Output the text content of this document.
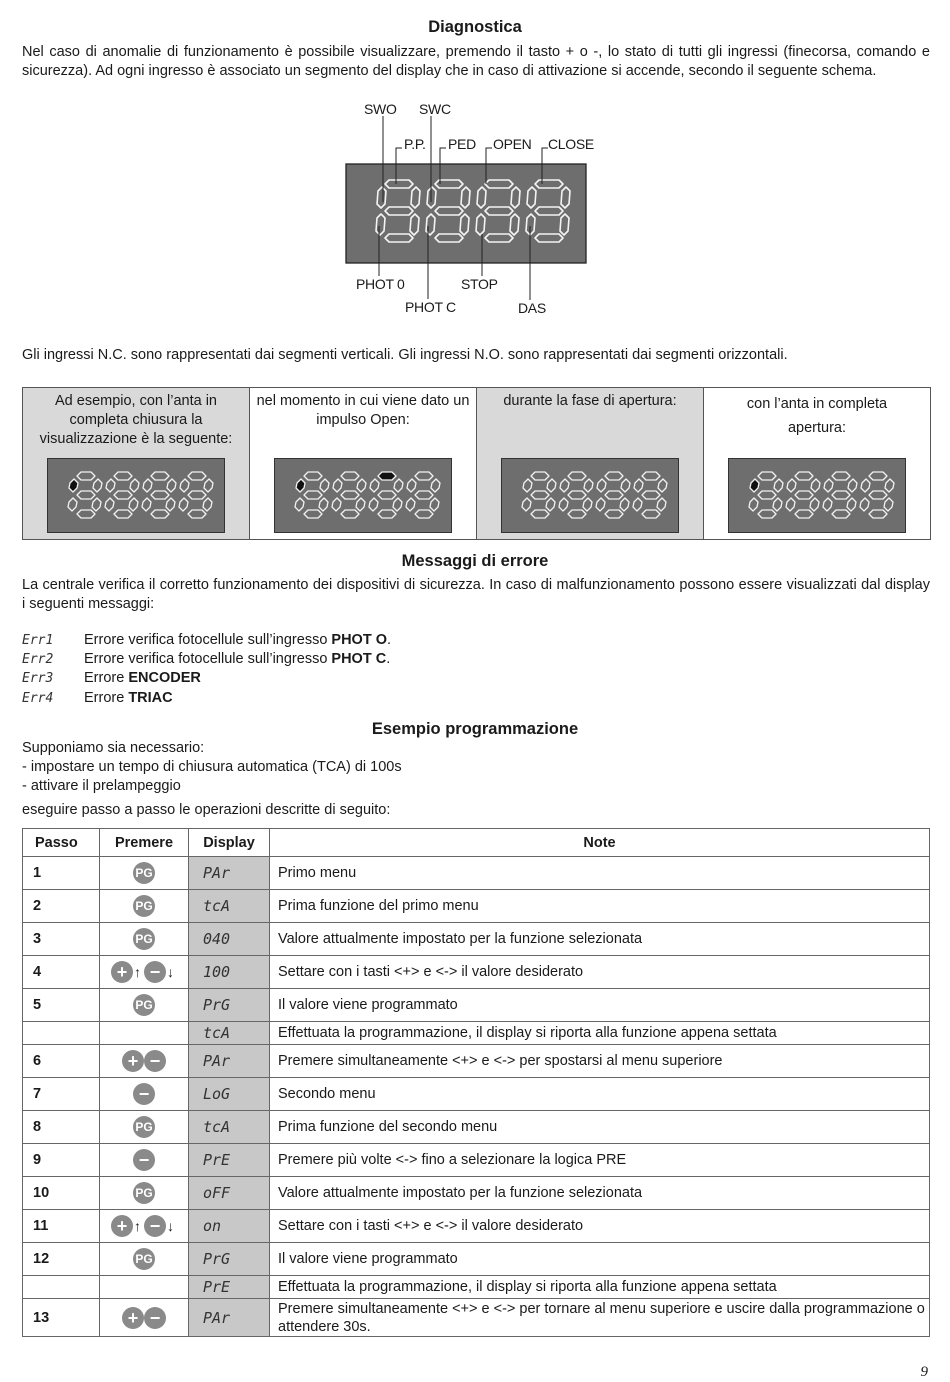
Diagnostica
Nel caso di anomalie di funzionamento è possibile visualizzare, premendo il tasto + o -, lo stato di tutti gli ingressi (finecorsa, comando e sicurezza). Ad ogni ingresso è associato un segmento del display che in caso di attivazione si accende, secondo il seguente schema.
SWO SWC
P.P. PED OPEN CLOSE
PHOT 0
PHOT C
STOP
DAS
Gli ingressi N.C. sono rappresentati dai segmenti verticali. Gli ingressi N.O. sono rappresentati dai segmenti orizzontali.
Ad esempio, con l’anta in completa chiusura la visualizzazione è la seguente:
nel momento in cui viene dato un impulso Open:
durante la fase di apertura:	con l’anta in completa apertura:
Messaggi di errore
La centrale verifica il corretto funzionamento dei dispositivi di sicurezza. In caso di malfunzionamento possono essere visualizzati dal display i seguenti messaggi:
Err1 Errore verifica fotocellule sull’ingresso PHOT O.
Err2 Errore verifica fotocellule sull’ingresso PHOT C.
Err3 Errore ENCODER
Err4 Errore TRIAC
Esempio programmazione
Supponiamo sia necessario:
- impostare un tempo di chiusura automatica (TCA) di 100s
- attivare il prelampeggio
eseguire passo a passo le operazioni descritte di seguito:
Passo	Premere	Display	Note
1	PG	PAr	Primo menu
2	PG	tcA	Prima funzione del primo menu
3	PG	040	Valore attualmente impostato per la funzione selezionata
4	+ ↑ − ↓	100	Settare con i tasti <+> e <-> il valore desiderato
5	PG	PrG	Il valore viene programmato
		tcA	Effettuata la programmazione, il display si riporta alla funzione appena settata
6	+ −	PAr	Premere simultaneamente <+> e <-> per spostarsi al menu superiore
7	−	LoG	Secondo menu
8	PG	tcA	Prima funzione del secondo menu
9	−	PrE	Premere più volte <-> fino a selezionare la logica PRE
10	PG	oFF	Valore attualmente impostato per la funzione selezionata
11	+ ↑ − ↓	on	Settare con i tasti <+> e <-> il valore desiderato
12	PG	PrG	Il valore viene programmato
		PrE	Effettuata la programmazione, il display si riporta alla funzione appena settata
13	+ −	PAr	Premere simultaneamente <+> e <-> per tornare al menu superiore e uscire dalla programmazione o attendere 30s.
9
